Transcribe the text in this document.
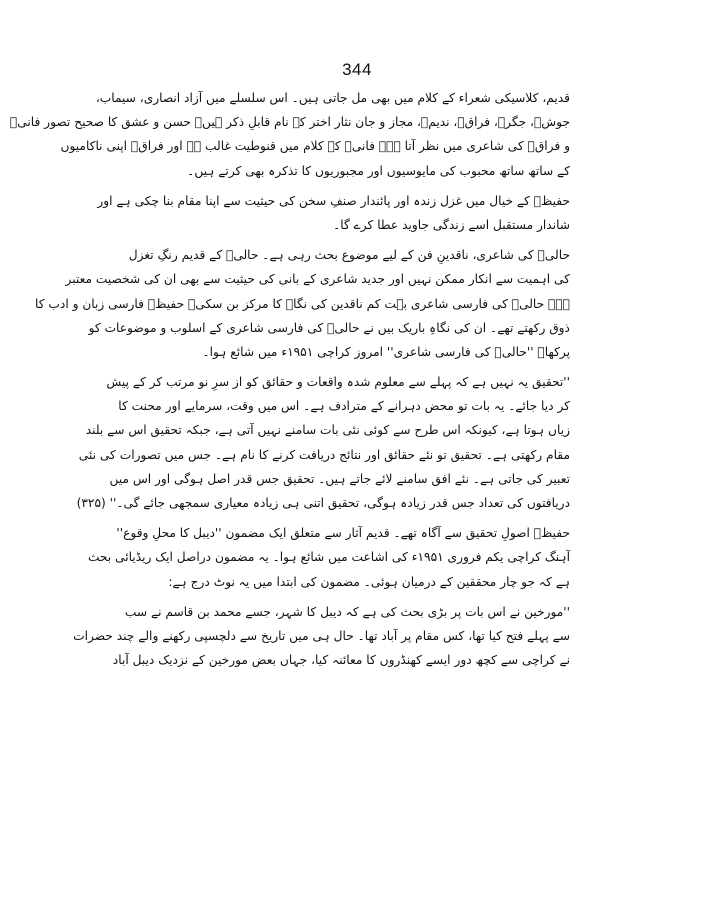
344
قدیم، کلاسیکی شعراء کے کلام میں بھی مل جاتی ہیں۔ اس سلسلے میں آزاد انصاری، سیماب،
جوشؔ، جگرؔ، فراقؔ، ندیمؔ، مجاز و جان نثار اختر کے نام قابلِ ذکر ہیں۔ حسن و عشق کا صحیح تصور فانیؔ
و فراقؔ کی شاعری میں نظر آتا ہے۔ فانیؔ کے کلام میں قنوطیت غالب ہے اور فراقؔ اپنی ناکامیوں
کے ساتھ ساتھ محبوب کی مایوسیوں اور مجبوریوں کا تذکرہ بھی کرتے ہیں۔
حفیظؔ کے خیال میں غزل زندہ اور پائندار صنفِ سخن کی حیثیت سے اپنا مقام بنا چکی ہے اور
شاندار مستقبل اسے زندگی جاوید عطا کرے گا۔
حالیؔ کی شاعری، ناقدینِ فن کے لیے موضوع بحث رہی ہے۔ حالیؔ کے قدیم رنگِ تغزل
کی اہمیت سے انکار ممکن نہیں اور جدید شاعری کے بانی کی حیثیت سے بھی ان کی شخصیت معتبر
ہے۔ حالیؔ کی فارسی شاعری بہت کم ناقدین کی نگاہ کا مرکز بن سکی۔ حفیظؔ فارسی زبان و ادب کا
ذوق رکھتے تھے۔ ان کی نگاہِ باریک بیں نے حالیؔ کی فارسی شاعری کے اسلوب و موضوعات کو
پرکھا۔ ''حالیؔ کی فارسی شاعری'' امروز کراچی ۱۹۵۱ء میں شائع ہوا۔
''تحقیق یہ نہیں ہے کہ پہلے سے معلوم شدہ واقعات و حقائق کو از سرِ نو مرتب کر کے پیش
کر دیا جائے۔ یہ بات تو محض دہرانے کے مترادف ہے۔ اس میں وقت، سرمایے اور محنت کا
زیاں ہوتا ہے، کیونکہ اس طرح سے کوئی نئی بات سامنے نہیں آتی ہے، جبکہ تحقیق اس سے بلند
مقام رکھتی ہے۔ تحقیق تو نئے حقائق اور نتائج دریافت کرنے کا نام ہے۔ جس میں تصورات کی نئی
تعبیر کی جاتی ہے۔ نئے افق سامنے لائے جاتے ہیں۔ تحقیق جس قدر اصل ہوگی اور اس میں
دریافتوں کی تعداد جس قدر زیادہ ہوگی، تحقیق اتنی ہی زیادہ معیاری سمجھی جائے گی۔'' (۳۲۵)
حفیظؔ اصولِ تحقیق سے آگاہ تھے۔ قدیم آثار سے متعلق ایک مضمون ''دیبل کا محلِ وقوع''
آہنگ کراچی یکم فروری ۱۹۵۱ء کی اشاعت میں شائع ہوا۔ یہ مضمون دراصل ایک ریڈیائی بحث
ہے کہ جو چار محققین کے درمیان ہوئی۔ مضمون کی ابتدا میں یہ نوٹ درج ہے:
''مورخین نے اس بات پر بڑی بحث کی ہے کہ دیبل کا شہر، جسے محمد بن قاسم نے سب
سے پہلے فتح کیا تھا، کس مقام پر آباد تھا۔ حال ہی میں تاریخ سے دلچسپی رکھنے والے چند حضرات
نے کراچی سے کچھ دور ایسے کھنڈروں کا معائنہ کیا، جہاں بعض مورخین کے نزدیک دیبل آباد
